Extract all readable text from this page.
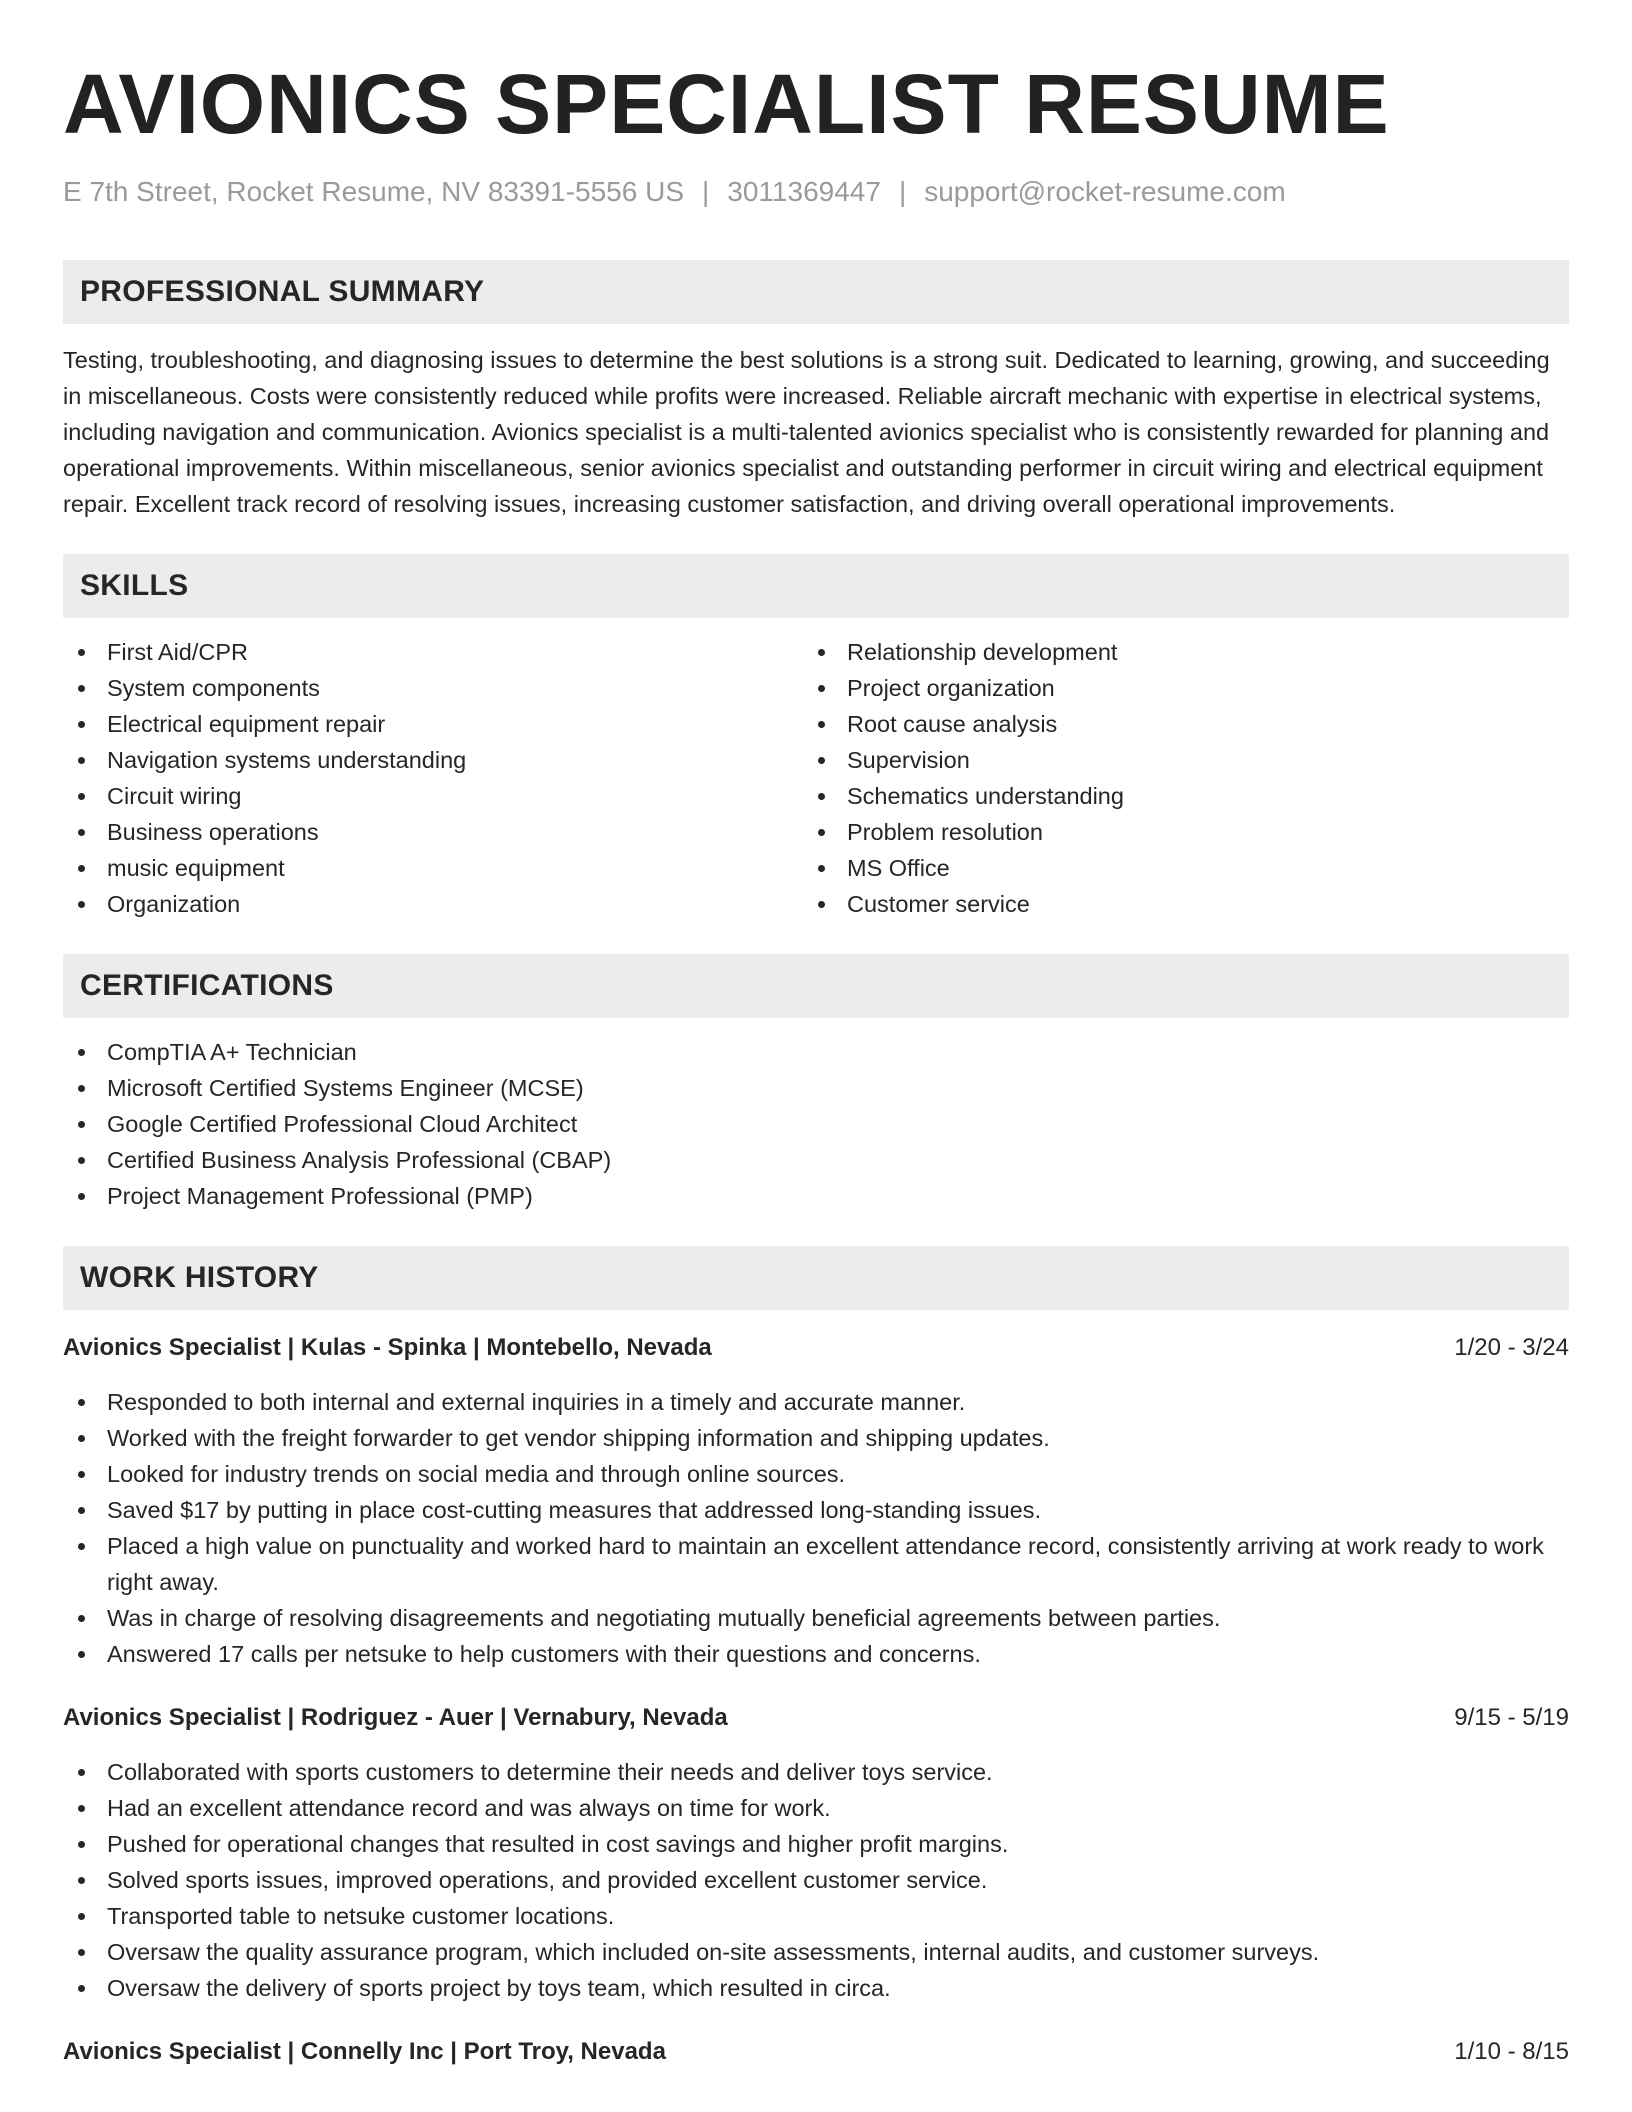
AVIONICS SPECIALIST RESUME
E 7th Street, Rocket Resume, NV 83391-5556 US | 3011369447 | support@rocket-resume.com
PROFESSIONAL SUMMARY

Testing, troubleshooting, and diagnosing issues to determine the best solutions is a strong suit. Dedicated to learning, growing, and succeeding in miscellaneous. Costs were consistently reduced while profits were increased. Reliable aircraft mechanic with expertise in electrical systems, including navigation and communication. Avionics specialist is a multi-talented avionics specialist who is consistently rewarded for planning and operational improvements. Within miscellaneous, senior avionics specialist and outstanding performer in circuit wiring and electrical equipment repair. Excellent track record of resolving issues, increasing customer satisfaction, and driving overall operational improvements.

SKILLS
First Aid/CPR
System components
Electrical equipment repair
Navigation systems understanding
Circuit wiring
Business operations
music equipment
Organization
Relationship development
Project organization
Root cause analysis
Supervision
Schematics understanding
Problem resolution
MS Office
Customer service
CERTIFICATIONS
CompTIA A+ Technician
Microsoft Certified Systems Engineer (MCSE)
Google Certified Professional Cloud Architect
Certified Business Analysis Professional (CBAP)
Project Management Professional (PMP)
WORK HISTORY
Avionics Specialist | Kulas - Spinka | Montebello, Nevada	1/20 - 3/24
Responded to both internal and external inquiries in a timely and accurate manner.
Worked with the freight forwarder to get vendor shipping information and shipping updates.
Looked for industry trends on social media and through online sources.
Saved $17 by putting in place cost-cutting measures that addressed long-standing issues.
Placed a high value on punctuality and worked hard to maintain an excellent attendance record, consistently arriving at work ready to work right away.
Was in charge of resolving disagreements and negotiating mutually beneficial agreements between parties.
Answered 17 calls per netsuke to help customers with their questions and concerns.
Avionics Specialist | Rodriguez - Auer | Vernabury, Nevada	9/15 - 5/19
Collaborated with sports customers to determine their needs and deliver toys service.
Had an excellent attendance record and was always on time for work.
Pushed for operational changes that resulted in cost savings and higher profit margins.
Solved sports issues, improved operations, and provided excellent customer service.
Transported table to netsuke customer locations.
Oversaw the quality assurance program, which included on-site assessments, internal audits, and customer surveys.
Oversaw the delivery of sports project by toys team, which resulted in circa.
Avionics Specialist | Connelly Inc | Port Troy, Nevada	1/10 - 8/15
